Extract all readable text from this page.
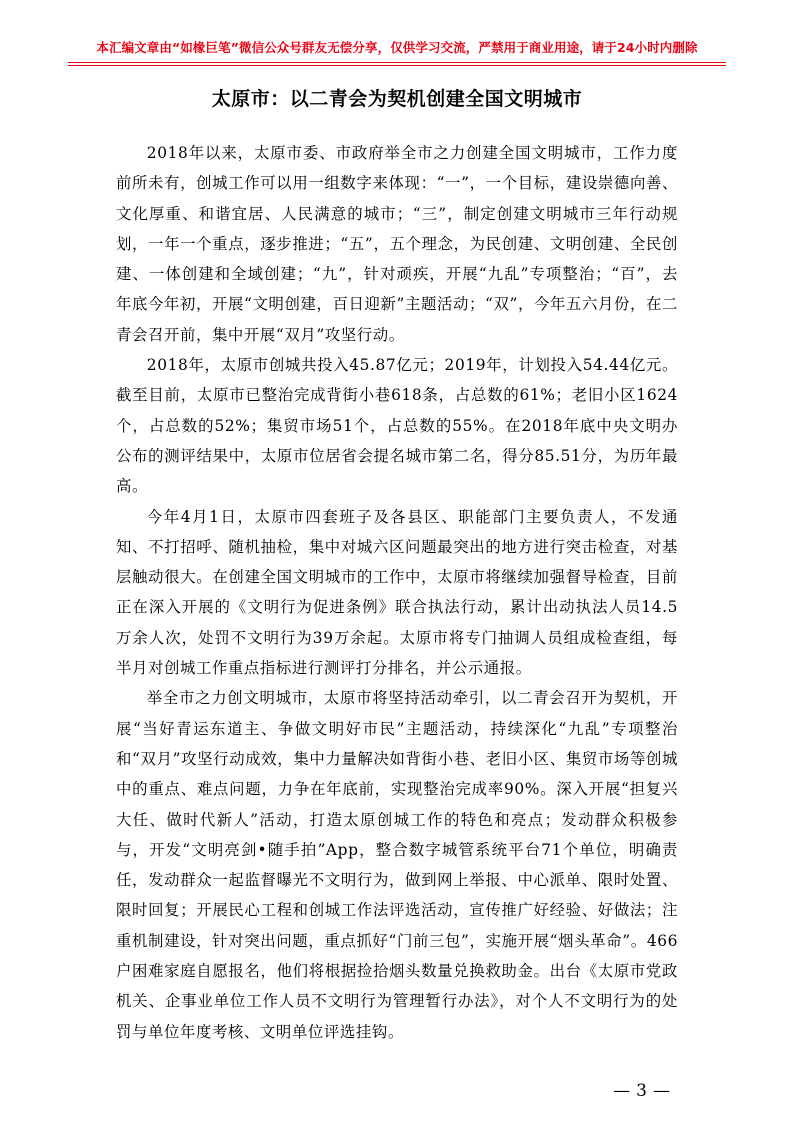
本汇编文章由“如椽巨笔”微信公众号群友无偿分享，仅供学习交流，严禁用于商业用途，请于24小时内删除
太原市：以二青会为契机创建全国文明城市

2018年以来，太原市委、市政府举全市之力创建全国文明城市，工作力度前所未有，创城工作可以用一组数字来体现：“一”，一个目标，建设崇德向善、文化厚重、和谐宜居、人民满意的城市；“三”，制定创建文明城市三年行动规划，一年一个重点，逐步推进；“五”，五个理念，为民创建、文明创建、全民创建、一体创建和全域创建；“九”，针对顽疾，开展“九乱”专项整治；“百”，去年底今年初，开展“文明创建，百日迎新”主题活动；“双”，今年五六月份，在二青会召开前，集中开展“双月”攻坚行动。

2018年，太原市创城共投入45.87亿元；2019年，计划投入54.44亿元。截至目前，太原市已整治完成背街小巷618条，占总数的61%；老旧小区1624个，占总数的52%；集贸市场51个，占总数的55%。在2018年底中央文明办公布的测评结果中，太原市位居省会提名城市第二名，得分85.51分，为历年最高。

今年4月1日，太原市四套班子及各县区、职能部门主要负责人，不发通知、不打招呼、随机抽检，集中对城六区问题最突出的地方进行突击检查，对基层触动很大。在创建全国文明城市的工作中，太原市将继续加强督导检查，目前正在深入开展的《文明行为促进条例》联合执法行动，累计出动执法人员14.5万余人次，处罚不文明行为39万余起。太原市将专门抽调人员组成检查组，每半月对创城工作重点指标进行测评打分排名，并公示通报。

举全市之力创文明城市，太原市将坚持活动牵引，以二青会召开为契机，开展“当好青运东道主、争做文明好市民”主题活动，持续深化“九乱”专项整治和“双月”攻坚行动成效，集中力量解决如背街小巷、老旧小区、集贸市场等创城中的重点、难点问题，力争在年底前，实现整治完成率90%。深入开展“担复兴大任、做时代新人”活动，打造太原创城工作的特色和亮点；发动群众积极参与，开发“文明亮剑•随手拍”App，整合数字城管系统平台71个单位，明确责任，发动群众一起监督曝光不文明行为，做到网上举报、中心派单、限时处置、限时回复；开展民心工程和创城工作法评选活动，宣传推广好经验、好做法；注重机制建设，针对突出问题，重点抓好“门前三包”，实施开展“烟头革命”。466户困难家庭自愿报名，他们将根据捡拾烟头数量兑换救助金。出台《太原市党政机关、企事业单位工作人员不文明行为管理暂行办法》，对个人不文明行为的处罚与单位年度考核、文明单位评选挂钩。

— 3 —
